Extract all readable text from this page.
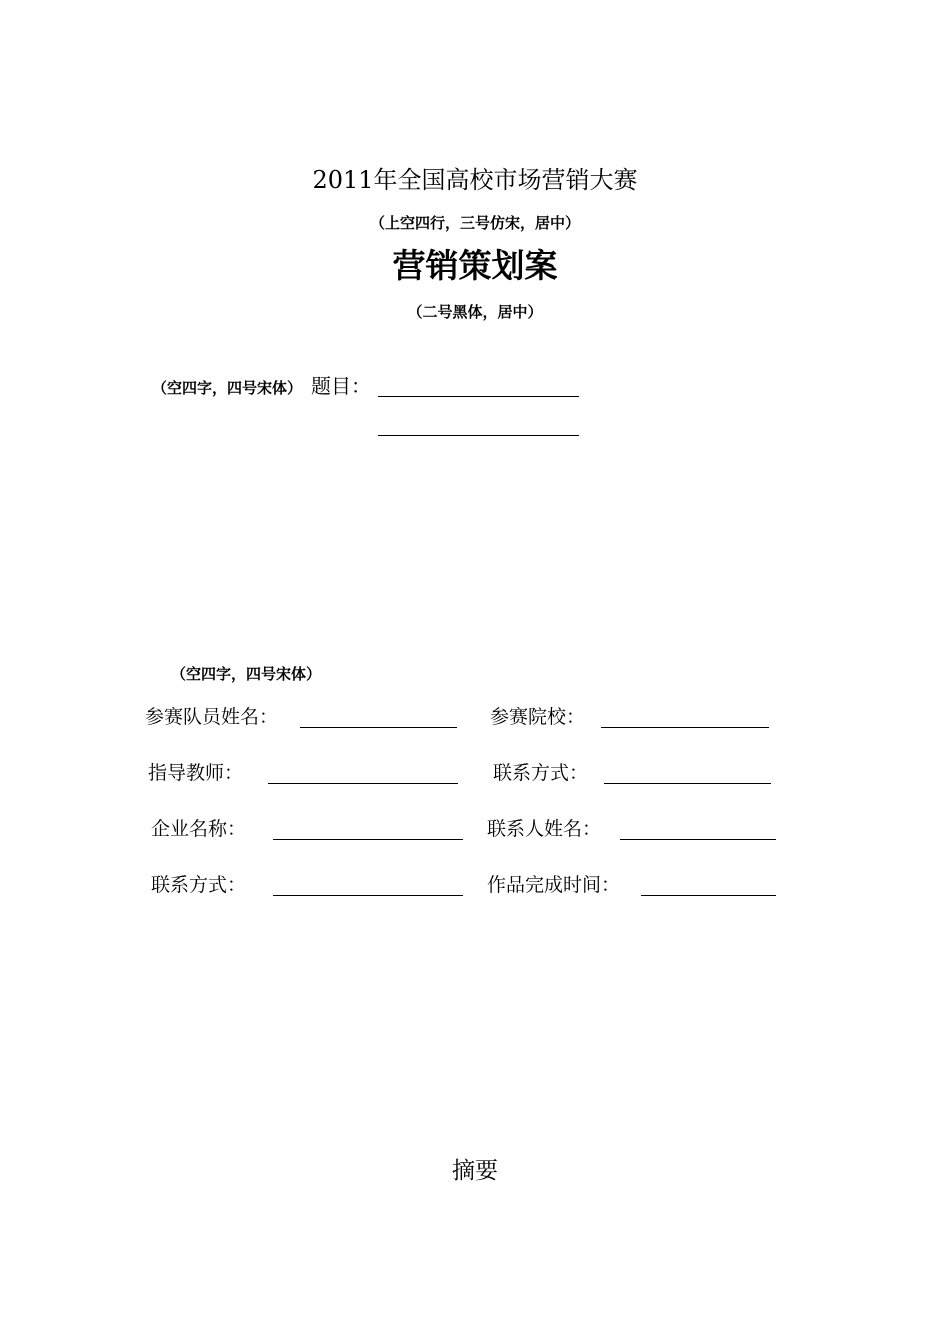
2011年全国高校市场营销大赛
（上空四行，三号仿宋，居中）
营销策划案
（二号黑体，居中）
（空四字，四号宋体） 题目：
（空四字，四号宋体）
参赛队员姓名：	参赛院校：
指导教师：	联系方式：
企业名称：	联系人姓名：
联系方式：	作品完成时间：
摘要
